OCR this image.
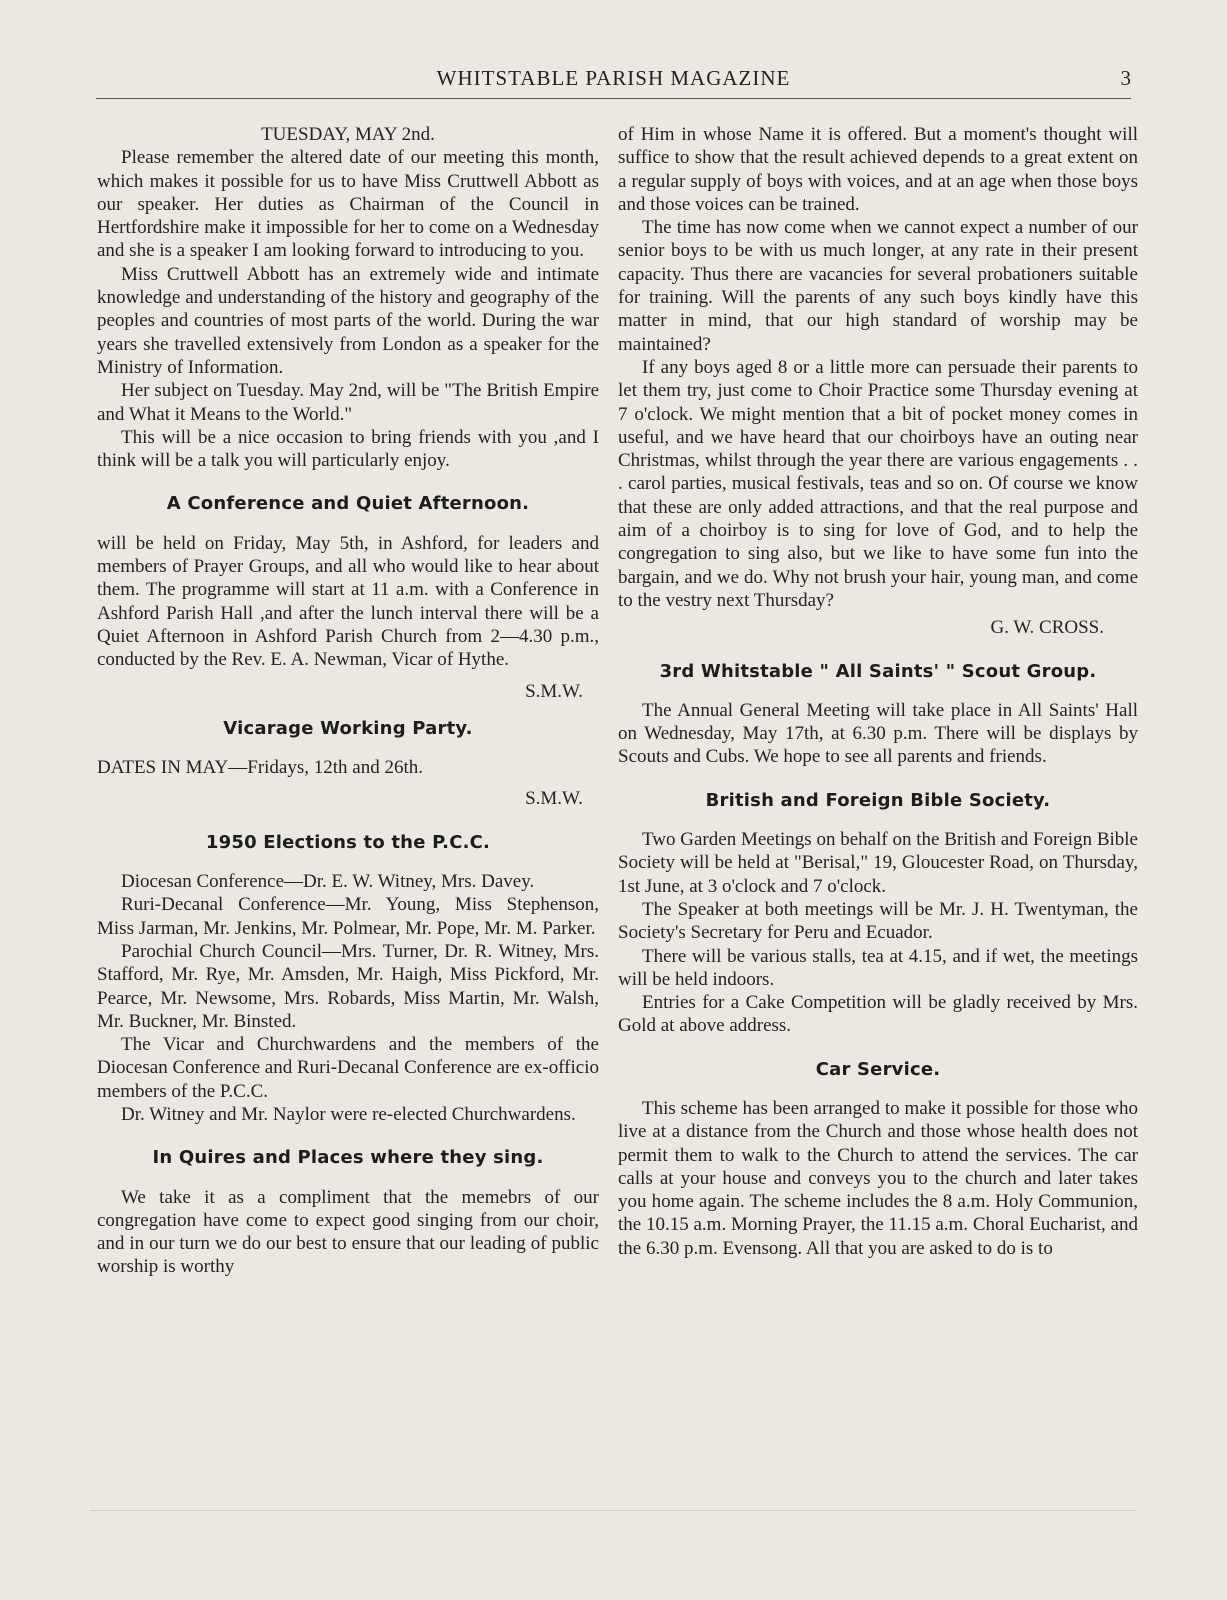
WHITSTABLE PARISH MAGAZINE	3

TUESDAY, MAY 2nd.

Please remember the altered date of our meeting this month, which makes it possible for us to have Miss Cruttwell Abbott as our speaker. Her duties as Chairman of the Council in Hertfordshire make it impossible for her to come on a Wednesday and she is a speaker I am looking forward to introducing to you.

Miss Cruttwell Abbott has an extremely wide and intimate knowledge and understanding of the history and geography of the peoples and countries of most parts of the world. During the war years she travelled extensively from London as a speaker for the Ministry of Information.

Her subject on Tuesday. May 2nd, will be "The British Empire and What it Means to the World."

This will be a nice occasion to bring friends with you ,and I think will be a talk you will particularly enjoy.

A Conference and Quiet Afternoon.

will be held on Friday, May 5th, in Ashford, for leaders and members of Prayer Groups, and all who would like to hear about them. The programme will start at 11 a.m. with a Conference in Ashford Parish Hall ,and after the lunch interval there will be a Quiet Afternoon in Ashford Parish Church from 2—4.30 p.m., conducted by the Rev. E. A. Newman, Vicar of Hythe.

S.M.W.

Vicarage Working Party.

DATES IN MAY—Fridays, 12th and 26th.

S.M.W.

1950 Elections to the P.C.C.

Diocesan Conference—Dr. E. W. Witney, Mrs. Davey.

Ruri-Decanal Conference—Mr. Young, Miss Stephenson, Miss Jarman, Mr. Jenkins, Mr. Polmear, Mr. Pope, Mr. M. Parker.

Parochial Church Council—Mrs. Turner, Dr. R. Witney, Mrs. Stafford, Mr. Rye, Mr. Amsden, Mr. Haigh, Miss Pickford, Mr. Pearce, Mr. Newsome, Mrs. Robards, Miss Martin, Mr. Walsh, Mr. Buckner, Mr. Binsted.

The Vicar and Churchwardens and the members of the Diocesan Conference and Ruri-Decanal Conference are ex-officio members of the P.C.C.

Dr. Witney and Mr. Naylor were re-elected Churchwardens.

In Quires and Places where they sing.

We take it as a compliment that the memebrs of our congregation have come to expect good singing from our choir, and in our turn we do our best to ensure that our leading of public worship is worthy

of Him in whose Name it is offered. But a moment's thought will suffice to show that the result achieved depends to a great extent on a regular supply of boys with voices, and at an age when those boys and those voices can be trained.

The time has now come when we cannot expect a number of our senior boys to be with us much longer, at any rate in their present capacity. Thus there are vacancies for several probationers suitable for training. Will the parents of any such boys kindly have this matter in mind, that our high standard of worship may be maintained?

If any boys aged 8 or a little more can persuade their parents to let them try, just come to Choir Practice some Thursday evening at 7 o'clock. We might mention that a bit of pocket money comes in useful, and we have heard that our choirboys have an outing near Christmas, whilst through the year there are various engagements . . . carol parties, musical festivals, teas and so on. Of course we know that these are only added attractions, and that the real purpose and aim of a choirboy is to sing for love of God, and to help the congregation to sing also, but we like to have some fun into the bargain, and we do. Why not brush your hair, young man, and come to the vestry next Thursday?

G. W. CROSS.

3rd Whitstable " All Saints' " Scout Group.

The Annual General Meeting will take place in All Saints' Hall on Wednesday, May 17th, at 6.30 p.m. There will be displays by Scouts and Cubs. We hope to see all parents and friends.

British and Foreign Bible Society.

Two Garden Meetings on behalf on the British and Foreign Bible Society will be held at "Berisal," 19, Gloucester Road, on Thursday, 1st June, at 3 o'clock and 7 o'clock.

The Speaker at both meetings will be Mr. J. H. Twentyman, the Society's Secretary for Peru and Ecuador.

There will be various stalls, tea at 4.15, and if wet, the meetings will be held indoors.

Entries for a Cake Competition will be gladly received by Mrs. Gold at above address.

Car Service.

This scheme has been arranged to make it possible for those who live at a distance from the Church and those whose health does not permit them to walk to the Church to attend the services. The car calls at your house and conveys you to the church and later takes you home again. The scheme includes the 8 a.m. Holy Communion, the 10.15 a.m. Morning Prayer, the 11.15 a.m. Choral Eucharist, and the 6.30 p.m. Evensong. All that you are asked to do is to
